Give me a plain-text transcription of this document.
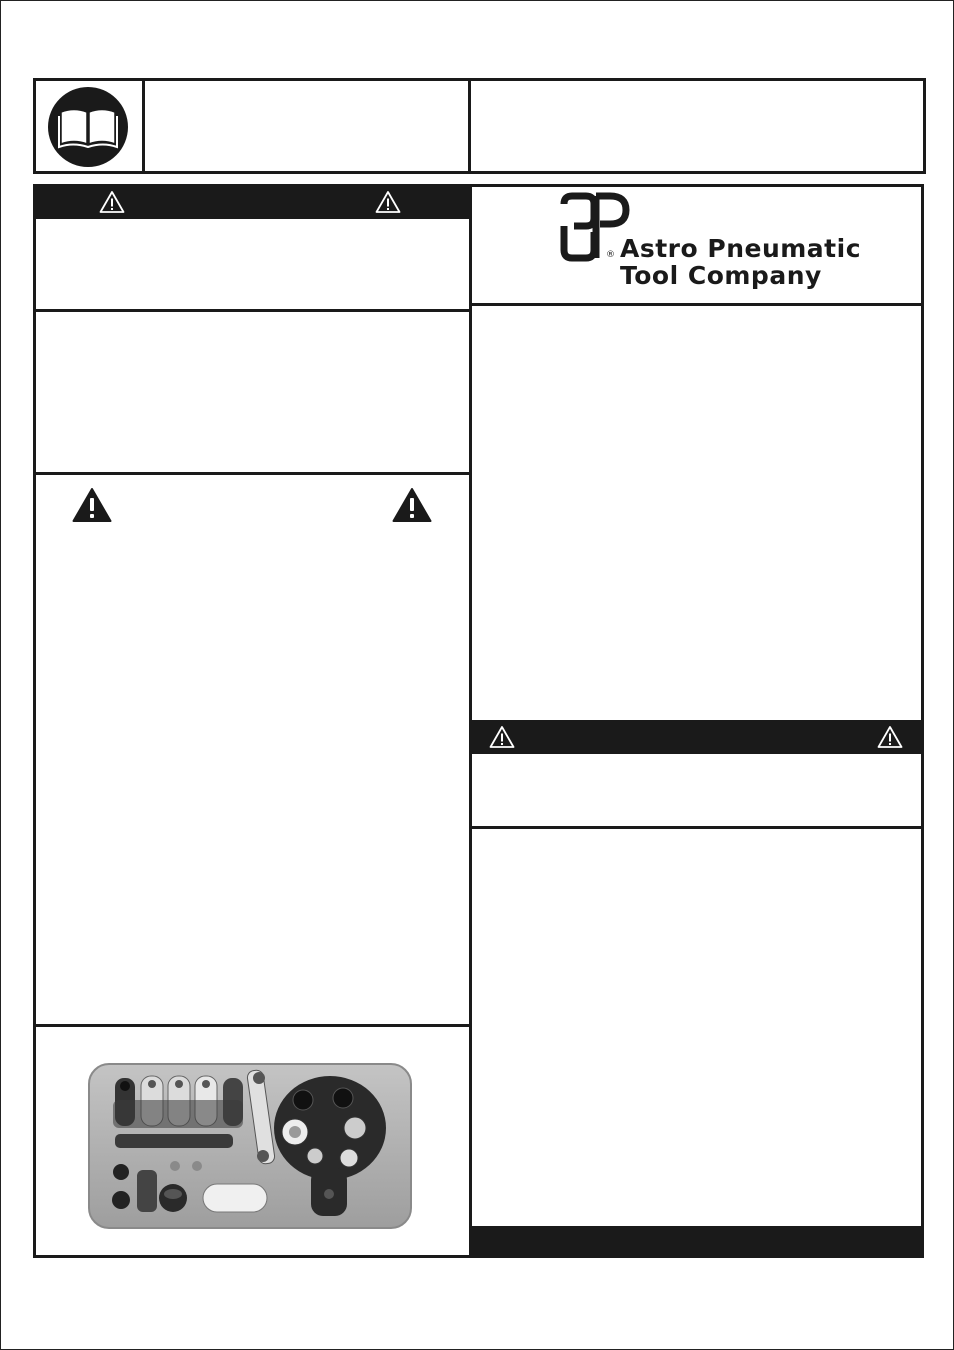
® Astro Pneumatic
Tool Company
